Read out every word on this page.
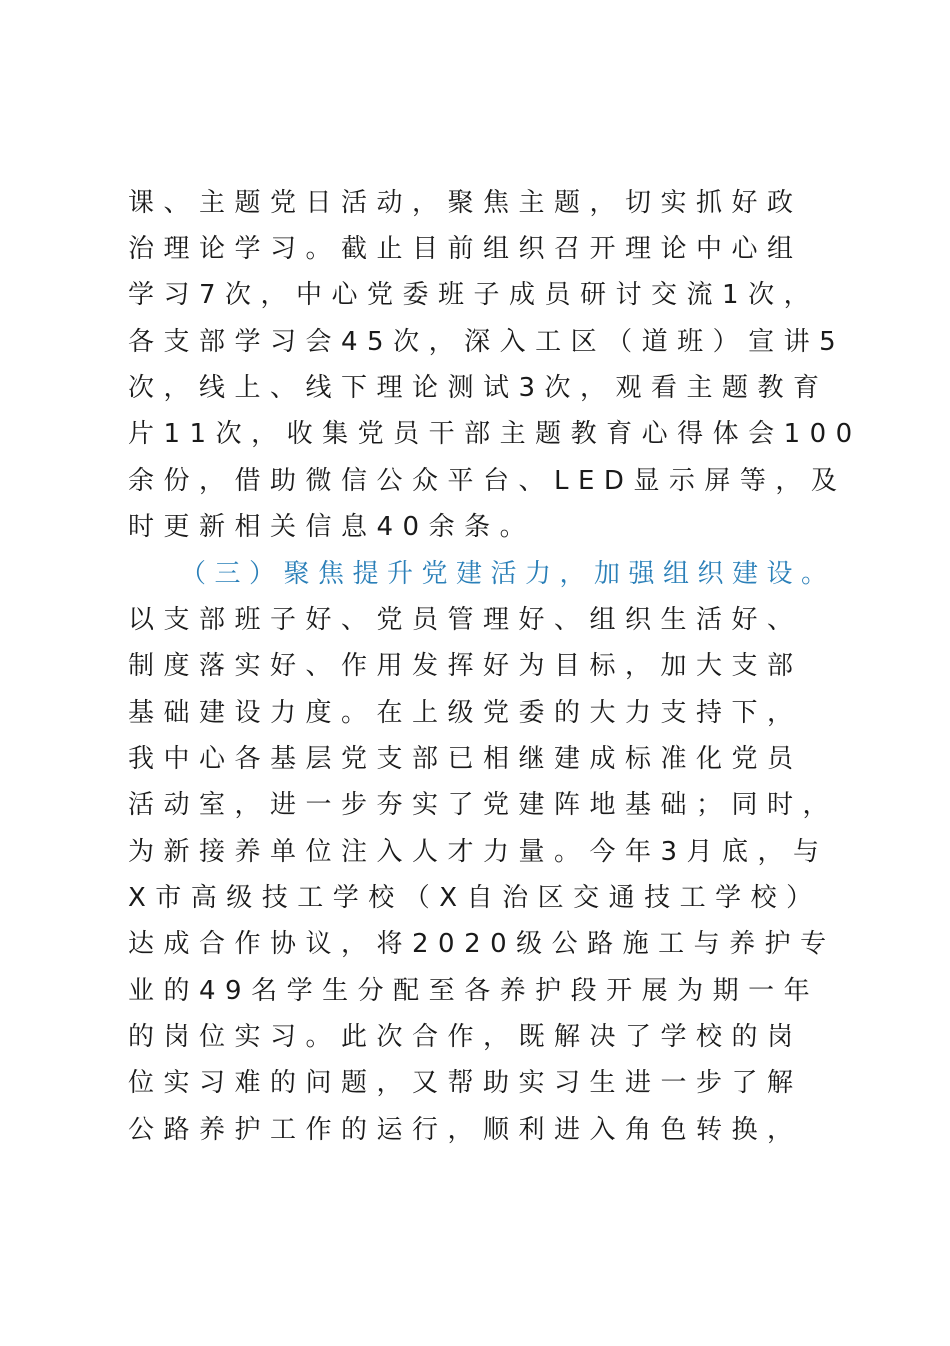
课、主题党日活动，聚焦主题，切实抓好政
治理论学习。截止目前组织召开理论中心组
学习7次，中心党委班子成员研讨交流1次，
各支部学习会45次，深入工区（道班）宣讲5
次，线上、线下理论测试3次，观看主题教育
片11次，收集党员干部主题教育心得体会100
余份，借助微信公众平台、LED显示屏等，及
时更新相关信息40余条。
（三）聚焦提升党建活力，加强组织建设。
以支部班子好、党员管理好、组织生活好、
制度落实好、作用发挥好为目标，加大支部
基础建设力度。在上级党委的大力支持下，
我中心各基层党支部已相继建成标准化党员
活动室，进一步夯实了党建阵地基础；同时，
为新接养单位注入人才力量。今年3月底，与
X市高级技工学校（X自治区交通技工学校）
达成合作协议，将2020级公路施工与养护专
业的49名学生分配至各养护段开展为期一年
的岗位实习。此次合作，既解决了学校的岗
位实习难的问题，又帮助实习生进一步了解
公路养护工作的运行，顺利进入角色转换，
